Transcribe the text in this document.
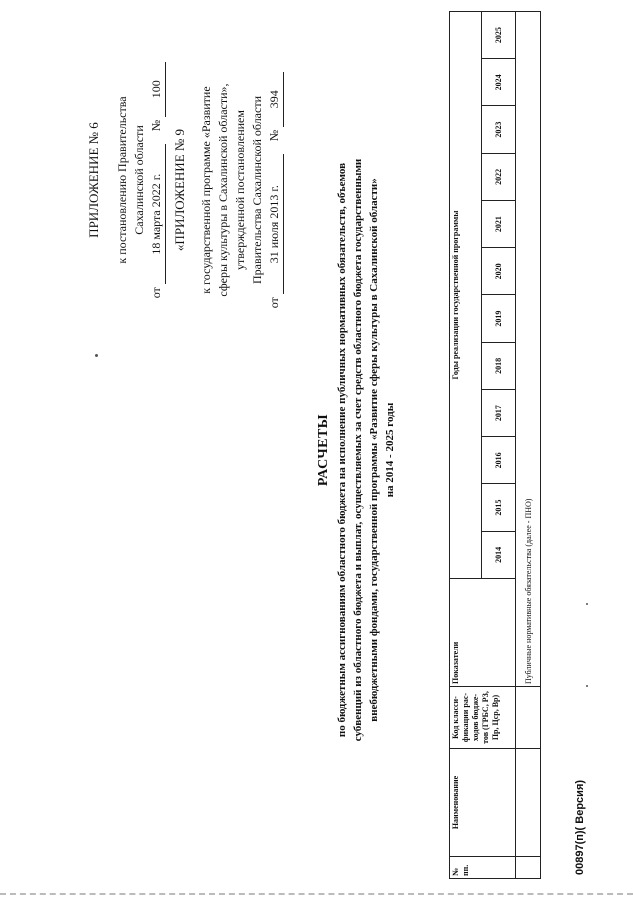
ПРИЛОЖЕНИЕ № 6 к постановлению Правительства Сахалинской области
от 18 марта 2022 г. № 100
«ПРИЛОЖЕНИЕ № 9 к государственной программе «Развитие сферы культуры в Сахалинской области», утвержденной постановлением Правительства Сахалинской области
от 31 июля 2013 г. № 394
РАСЧЕТЫ по бюджетным ассигнованиям областного бюджета на исполнение публичных нормативных обязательств, объемов субвенций из областного бюджета и выплат, осуществляемых за счет средств областного бюджета государственными внебюджетными фондами, государственной программы «Развитие сферы культуры в Сахалинской области» на 2014 - 2025 годы
№ пп.	Наименование	Код класси-фикации рас-ходов бюдже-тов (ГРБС, РЗ, Пр, Цср, Вр)	Показатели	Годы реализации государственной программы											
				2014	2015	2016	2017	2018	2019	2020	2021	2022	2023	2024	2025
			Публичные нормативные обязательства (далее - ПНО)												
00897(п)( Версия)
